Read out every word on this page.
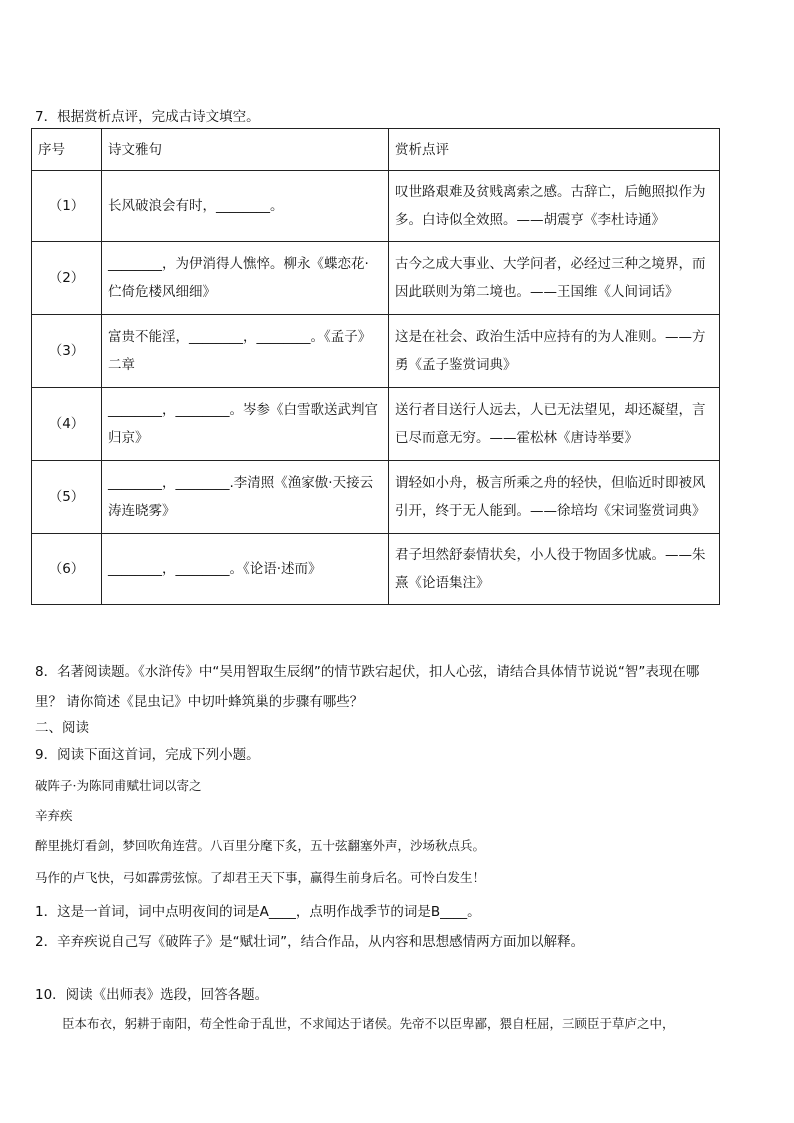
7．根据赏析点评，完成古诗文填空。
序号	诗文雅句	赏析点评
（1）	长风破浪会有时，________。	叹世路艰难及贫贱离索之感。古辞亡，后鲍照拟作为多。白诗似全效照。——胡震亨《李杜诗通》
（2）	________，为伊消得人憔悴。柳永《蝶恋花·伫倚危楼风细细》	古今之成大事业、大学问者，必经过三种之境界，而因此联则为第二境也。——王国维《人间词话》
（3）	富贵不能淫，________，________。《孟子》二章	这是在社会、政治生活中应持有的为人准则。——方勇《孟子鉴赏词典》
（4）	________，________。岑参《白雪歌送武判官归京》	送行者目送行人远去，人已无法望见，却还凝望，言已尽而意无穷。——霍松林《唐诗举要》
（5）	________，________.李清照《渔家傲·天接云涛连晓雾》	谓轻如小舟，极言所乘之舟的轻快，但临近时即被风引开，终于无人能到。——徐培均《宋词鉴赏词典》
（6）	________，________。《论语·述而》	君子坦然舒泰情状矣，小人役于物固多忧戚。——朱熹《论语集注》
8．名著阅读题。《水浒传》中“吴用智取生辰纲”的情节跌宕起伏，扣人心弦，请结合具体情节说说“智”表现在哪
里？ 请你简述《昆虫记》中切叶蜂筑巢的步骤有哪些？
二、阅读
9．阅读下面这首词，完成下列小题。
破阵子·为陈同甫赋壮词以寄之
辛弃疾
醉里挑灯看剑，梦回吹角连营。八百里分麾下炙，五十弦翻塞外声，沙场秋点兵。
马作的卢飞快，弓如霹雳弦惊。了却君王天下事，赢得生前身后名。可怜白发生！
1．这是一首词，词中点明夜间的词是A____，点明作战季节的词是B____。
2．辛弃疾说自己写《破阵子》是“赋壮词”，结合作品，从内容和思想感情两方面加以解释。
10．阅读《出师表》选段，回答各题。
臣本布衣，躬耕于南阳，苟全性命于乱世，不求闻达于诸侯。先帝不以臣卑鄙，猥自枉屈，三顾臣于草庐之中，
